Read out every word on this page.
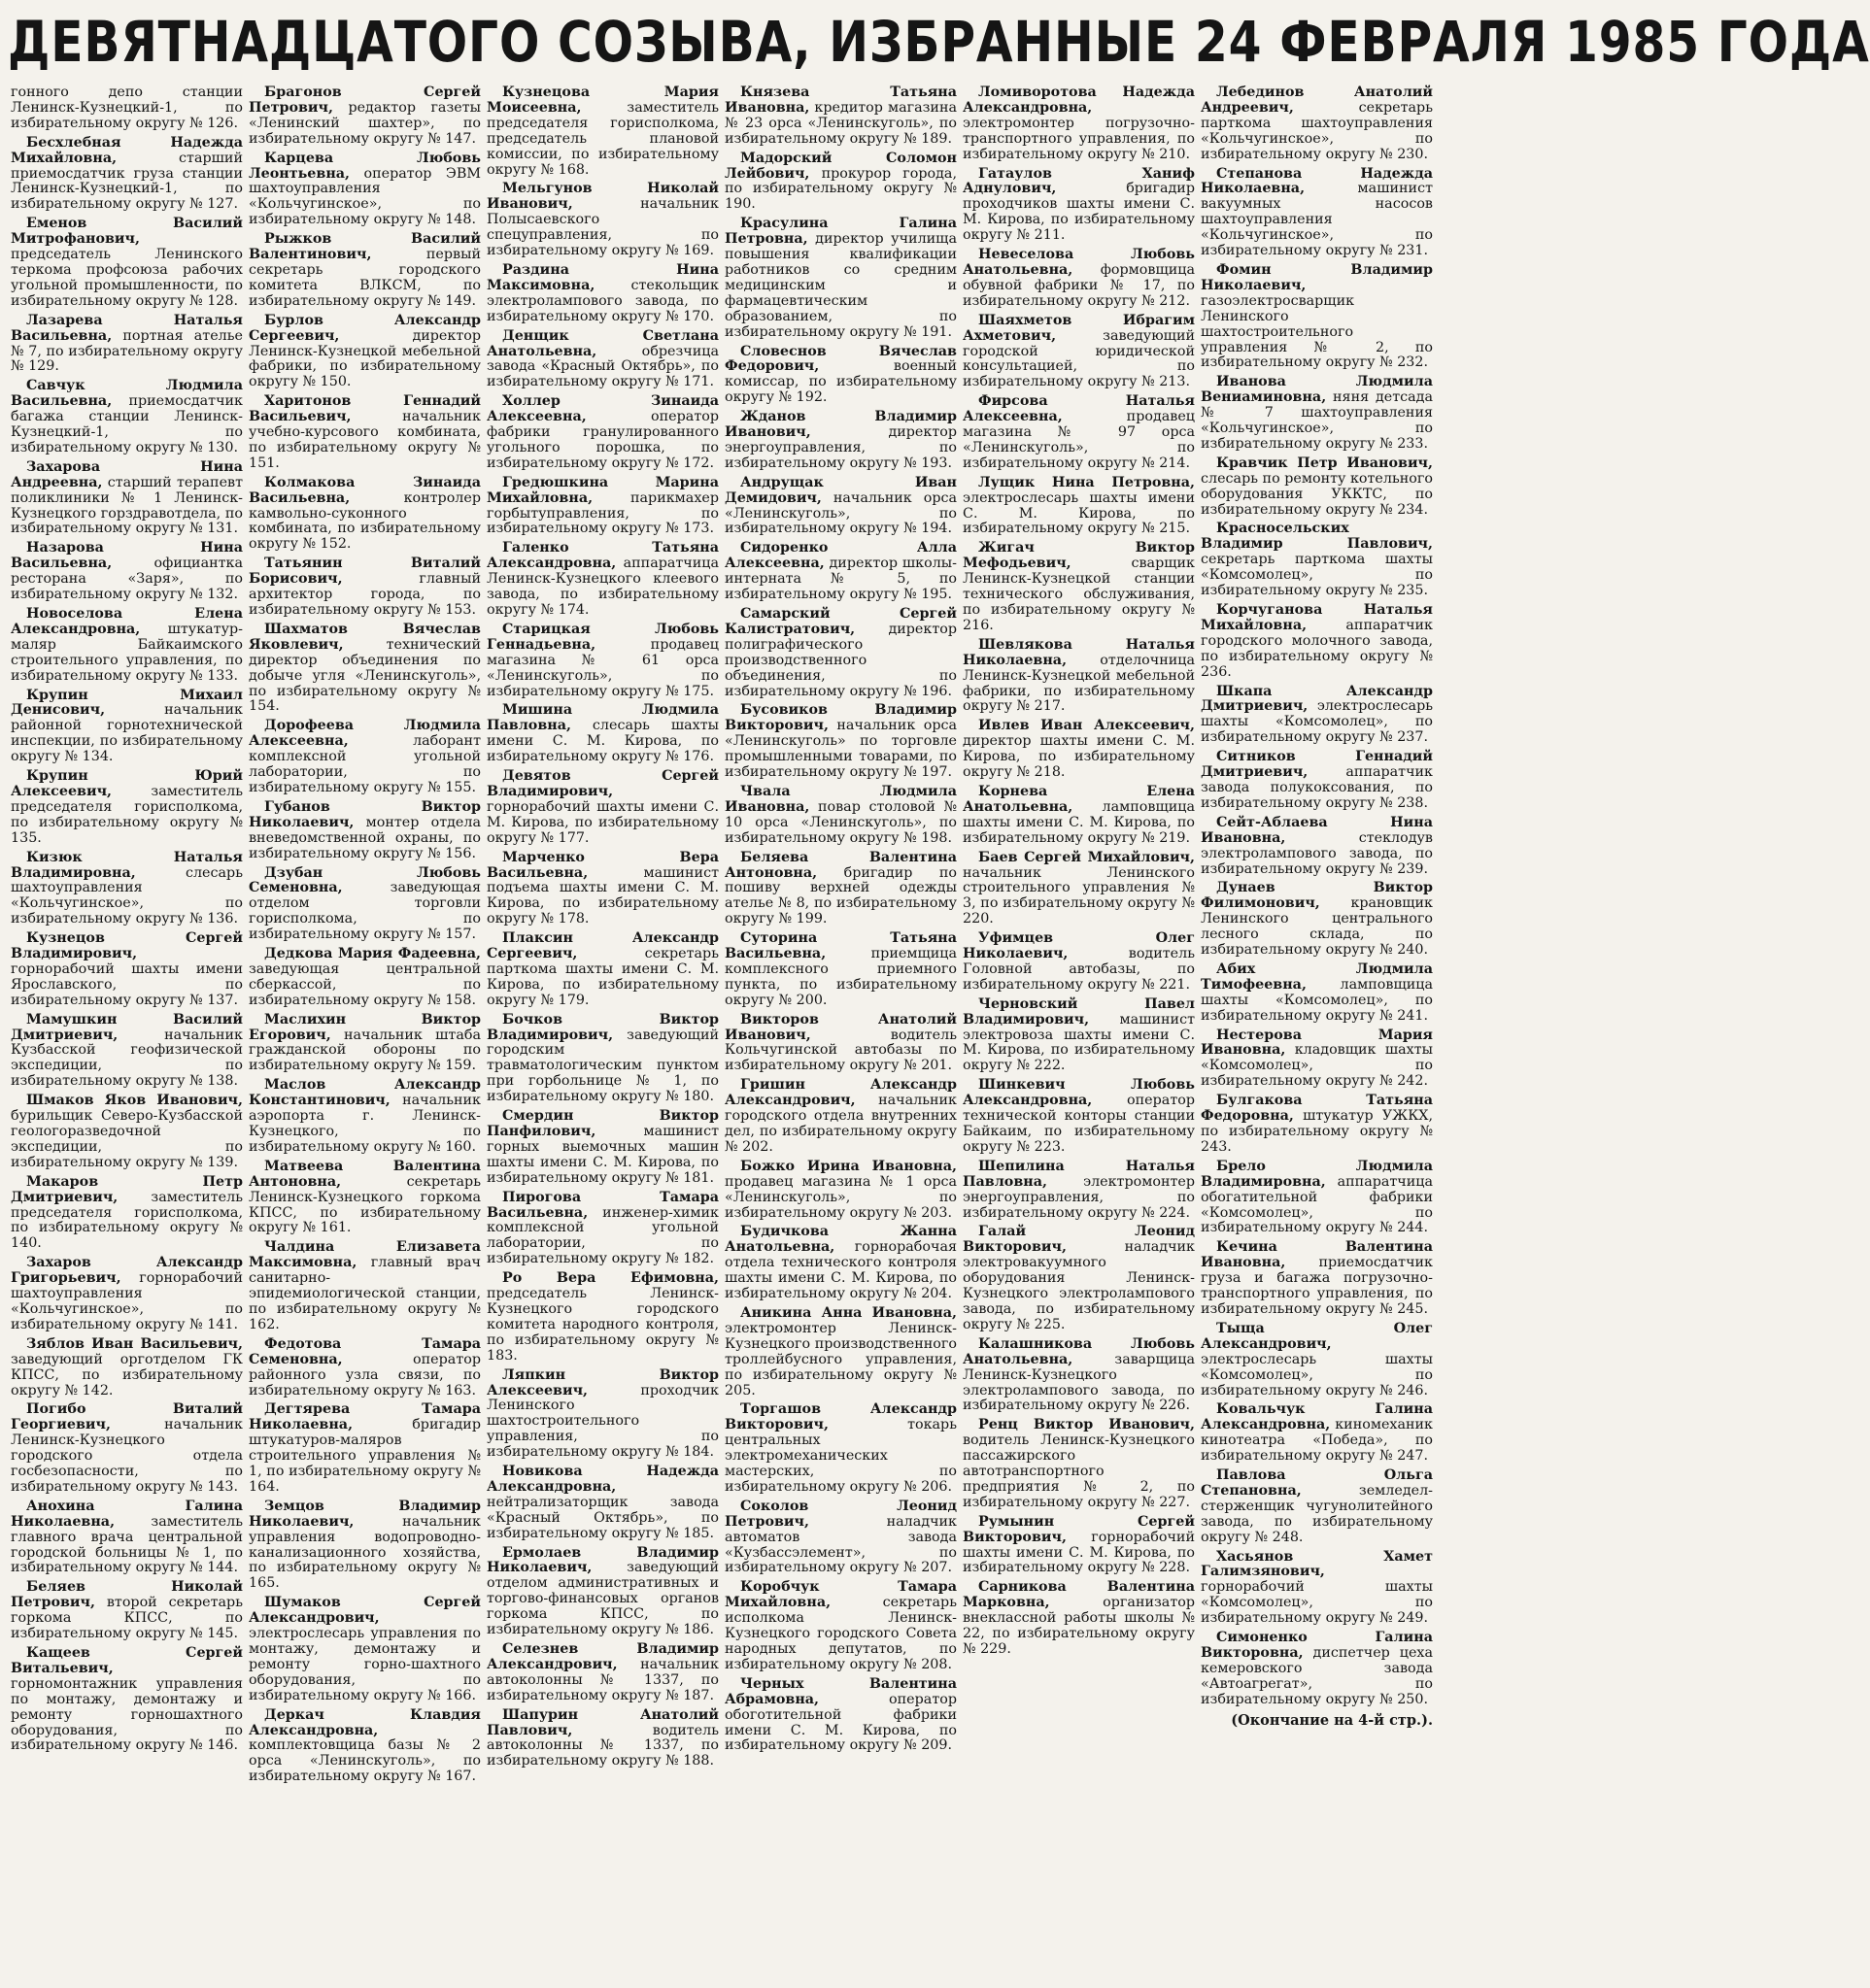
ДЕВЯТНАДЦАТОГО СОЗЫВА, ИЗБРАННЫЕ 24 ФЕВРАЛЯ 1985 ГОДА

гонного депо станции Ленинск-Кузнецкий-1, по избирательному округу № 126.

Бесхлебная Надежда Михайловна,	старший приемосдатчик груза станции Ленинск-Кузнецкий-1, по избирательному округу № 127.

Еменов Василий Митрофанович, председатель Ленинского теркома профсоюза рабочих угольной промышленности, по избирательному округу № 128.

Лазарева Наталья Васильевна, портная ателье № 7, по избирательному округу № 129.

Савчук Людмила Васильевна, приемосдатчик багажа станции Ленинск-Кузнецкий-1, по избирательному округу № 130.

Захарова Нина Андреевна, старший терапевт поликлиники № 1 Ленинск-Кузнецкого горздравотдела, по избирательному округу № 131.

Назарова Нина Васильевна,	официантка ресторана «Заря», по избирательному округу № 132.

Новоселова Елена Александровна, штукатур-маляр Байкаимского строительного управления, по избирательному округу № 133.

Крупин Михаил Денисович,	начальник районной горнотехнической инспекции, по избирательному округу № 134.

Крупин Юрий Алексеевич,	заместитель председателя горисполкома, по избирательному округу № 135.

Кизюк Наталья Владимировна,	слесарь шахтоуправления «Кольчугинское», по избирательному округу № 136.

Кузнецов Сергей Владимирович, горнорабочий шахты имени Ярославского, по избирательному округу № 137.

Мамушкин Василий Дмитриевич,	начальник Кузбасской геофизической экспедиции, по избирательному округу № 138.

Шмаков Яков Иванович, бурильщик Северо-Кузбасской геологоразведочной экспедиции, по избирательному округу № 139.

Макаров Петр Дмитриевич, заместитель председателя горисполкома, по избирательному округу № 140.

Захаров Александр Григорьевич, горнорабочий шахтоуправления «Кольчугинское», по избирательному округу № 141.

Зяблов Иван Васильевич, заведующий орготделом ГК КПСС, по избирательному округу № 142.

Погибо Виталий Георгиевич,	начальник Ленинск-Кузнецкого городского отдела госбезопасности, по избирательному округу № 143.

Анохина Галина Николаевна,	заместитель главного врача центральной городской больницы № 1, по избирательному округу № 144.

Беляев Николай Петрович, второй секретарь горкома КПСС, по избирательному округу № 145.

Кащеев Сергей Витальевич, горномонтажник управления по монтажу, демонтажу и ремонту горношахтного оборудования, по избирательному округу № 146.

Брагонов Сергей Петрович, редактор газеты «Ленинский шахтер», по избирательному округу № 147.

Карцева Любовь Леонтьевна, оператор ЭВМ шахтоуправления «Кольчугинское», по избирательному округу № 148.

Рыжков Василий Валентинович,	первый секретарь городского комитета ВЛКСМ, по избирательному округу № 149.

Бурлов Александр Сергеевич,	директор Ленинск-Кузнецкой мебельной фабрики, по избирательному округу № 150.

Харитонов Геннадий Васильевич,	начальник учебно-курсового комбината, по избирательному округу № 151.

Колмакова Зинаида Васильевна,	контролер камвольно-суконного комбината, по избирательному округу № 152.

Татьянин Виталий Борисович,	главный архитектор города, по избирательному округу № 153.

Шахматов Вячеслав Яковлевич,	технический директор объединения по добыче угля «Ленинскуголь», по избирательному округу № 154.

Дорофеева Людмила Алексеевна,	лаборант комплексной угольной лаборатории, по избирательному округу № 155.

Губанов Виктор Николаевич, монтер отдела вневедомственной охраны, по избирательному округу № 156.

Дзубан Любовь Семеновна,	заведующая отделом торговли горисполкома, по избирательному округу № 157.

Дедкова Мария Фадеевна, заведующая центральной сберкассой, по избирательному округу № 158.

Маслихин Виктор Егорович, начальник штаба гражданской обороны по избирательному округу № 159.

Маслов Александр Константинович, начальник аэропорта г. Ленинск-Кузнецкого, по избирательному округу № 160.

Матвеева Валентина Антоновна,	секретарь Ленинск-Кузнецкого горкома КПСС, по избирательному округу № 161.

Чалдина Елизавета Максимовна, главный врач санитарно-эпидемиологической станции, по избирательному округу № 162.

Федотова Тамара Семеновна,	оператор районного узла связи, по избирательному округу № 163.

Дегтярева Тамара Николаевна,	бригадир штукатуров-маляров строительного управления № 1, по избирательному округу № 164.

Земцов Владимир Николаевич,	начальник управления водопроводно-канализационного хозяйства, по избирательному округу № 165.

Шумаков Сергей Александрович, электрослесарь управления по монтажу, демонтажу и ремонту горно-шахтного оборудования, по избирательному округу № 166.

Деркач Клавдия Александровна, комплектовщица базы № 2 орса «Ленинскуголь», по избирательному округу № 167.

Кузнецова Мария Моисеевна,	заместитель председателя горисполкома, председатель плановой комиссии, по избирательному округу № 168.

Мельгунов Николай Иванович,	начальник Полысаевского спецуправления, по избирательному округу № 169.

Раздина Нина Максимовна,	стекольщик электролампового завода, по избирательному округу № 170.

Денщик Светлана Анатольевна,	обрезчица завода «Красный Октябрь», по избирательному округу № 171.

Холлер Зинаида Алексеевна,	оператор фабрики гранулированного угольного порошка, по избирательному округу № 172.

Гредюшкина Марина Михайловна,	парикмахер горбытуправления, по избирательному округу № 173.

Галенко Татьяна Александровна, аппаратчица Ленинск-Кузнецкого клеевого завода, по избирательному округу № 174.

Старицкая Любовь Геннадьевна,	продавец магазина № 61 орса «Ленинскуголь», по избирательному округу № 175.

Мишина Людмила Павловна, слесарь шахты имени С. М. Кирова, по избирательному округу № 176.

Девятов Сергей Владимирович, горнорабочий шахты имени С. М. Кирова, по избирательному округу № 177.

Марченко Вера Васильевна,	машинист подъема шахты имени С. М. Кирова, по избирательному округу № 178.

Плаксин Александр Сергеевич,	секретарь парткома шахты имени С. М. Кирова, по избирательному округу № 179.

Бочков Виктор Владимирович, заведующий городским травматологическим пунктом при горбольнице № 1, по избирательному округу № 180.

Смердин Виктор Панфилович,	машинист горных выемочных машин шахты имени С. М. Кирова, по избирательному округу № 181.

Пирогова Тамара Васильевна, инженер-химик комплексной угольной лаборатории, по избирательному округу № 182.

Ро Вера Ефимовна, председатель Ленинск-Кузнецкого городского комитета народного контроля, по избирательному округу № 183.

Ляпкин Виктор Алексеевич,	проходчик Ленинского шахтостроительного управления, по избирательному округу № 184.

Новикова Надежда Александровна, нейтрализаторщик завода «Красный Октябрь», по избирательному округу № 185.

Ермолаев Владимир Николаевич,	заведующий отделом административных и торгово-финансовых органов горкома КПСС, по избирательному округу № 186.

Селезнев Владимир Александрович, начальник автоколонны № 1337, по избирательному округу № 187.

Шапурин Анатолий Павлович,	водитель автоколонны № 1337, по избирательному округу № 188.

Князева Татьяна Ивановна, кредитор магазина № 23 орса «Ленинскуголь», по избирательному округу № 189.

Мадорский Соломон Лейбович, прокурор города, по избирательному округу № 190.

Красулина Галина Петровна, директор училища повышения квалификации работников со средним медицинским и фармацевтическим образованием, по избирательному округу № 191.

Словеснов Вячеслав Федорович,	военный комиссар, по избирательному округу № 192.

Жданов Владимир Иванович,	директор энергоуправления, по избирательному округу № 193.

Андрущак Иван Демидович, начальник орса «Ленинскуголь», по избирательному округу № 194.

Сидоренко Алла Алексеевна, директор школы-интерната № 5, по избирательному округу № 195.

Самарский Сергей Калистратович, директор полиграфического производственного объединения, по избирательному округу № 196.

Бусовиков Владимир Викторович, начальник орса «Ленинскуголь» по торговле промышленными товарами, по избирательному округу № 197.

Чвала Людмила Ивановна, повар столовой № 10 орса «Ленинскуголь», по избирательному округу № 198.

Беляева Валентина Антоновна, бригадир по пошиву верхней одежды ателье № 8, по избирательному округу № 199.

Суторина Татьяна Васильевна,	приемщица комплексного приемного пункта, по избирательному округу № 200.

Викторов Анатолий Иванович,	водитель Кольчугинской автобазы по избирательному округу № 201.

Гришин Александр Александрович, начальник городского отдела внутренних дел, по избирательному округу № 202.

Божко Ирина Ивановна, продавец магазина № 1 орса «Ленинскуголь», по избирательному округу № 203.

Будичкова Жанна Анатольевна, горнорабочая отдела технического контроля шахты имени С. М. Кирова, по избирательному округу № 204.

Аникина Анна Ивановна, электромонтер Ленинск-Кузнецкого производственного троллейбусного управления, по избирательному округу № 205.

Торгашов Александр Викторович,	токарь центральных электромеханических мастерских, по избирательному округу № 206.

Соколов Леонид Петрович,	наладчик автоматов завода «Кузбассэлемент», по избирательному округу № 207.

Коробчук Тамара Михайловна,	секретарь исполкома Ленинск-Кузнецкого городского Совета народных депутатов, по избирательному округу № 208.

Черных Валентина Абрамовна,	оператор обоготительной фабрики имени С. М. Кирова, по избирательному округу № 209.

Ломиворотова Надежда Александровна, электромонтер погрузочно-транспортного управления, по избирательному округу № 210.

Гатаулов Ханиф Аднулович,	бригадир проходчиков шахты имени С. М. Кирова, по избирательному округу № 211.

Невеселова Любовь Анатольевна, формовщица обувной фабрики № 17, по избирательному округу № 212.

Шаяхметов Ибрагим Ахметович,	заведующий городской юридической консультацией, по избирательному округу № 213.

Фирсова Наталья Алексеевна,	продавец магазина № 97 орса «Ленинскуголь», по избирательному округу № 214.

Лущик Нина Петровна, электрослесарь шахты имени С. М. Кирова, по избирательному округу № 215.

Жигач Виктор Мефодьевич,	сварщик Ленинск-Кузнецкой станции технического обслуживания, по избирательному округу № 216.

Шевлякова Наталья Николаевна, отделочница Ленинск-Кузнецкой мебельной фабрики, по избирательному округу № 217.

Ивлев Иван Алексеевич, директор шахты имени С. М. Кирова, по избирательному округу № 218.

Корнева Елена Анатольевна, ламповщица шахты имени С. М. Кирова, по избирательному округу № 219.

Баев Сергей Михайлович, начальник Ленинского строительного управления № 3, по избирательному округу № 220.

Уфимцев Олег Николаевич,	водитель Головной автобазы, по избирательному округу № 221.

Черновский Павел Владимирович, машинист электровоза шахты имени С. М. Кирова, по избирательному округу № 222.

Шинкевич Любовь Александровна,	оператор технической конторы станции Байкаим, по избирательному округу № 223.

Шепилина Наталья Павловна,	электромонтер энергоуправления, по избирательному округу № 224.

Галай Леонид Викторович,	наладчик электровакуумного оборудования Ленинск-Кузнецкого электролампового завода, по избирательному округу № 225.

Калашникова Любовь Анатольевна,	заварщица Ленинск-Кузнецкого электролампового завода, по избирательному округу № 226.

Ренц Виктор Иванович, водитель Ленинск-Кузнецкого пассажирского автотранспортного предприятия № 2, по избирательному округу № 227.

Румынин Сергей Викторович, горнорабочий шахты имени С. М. Кирова, по избирательному округу № 228.

Сарникова Валентина Марковна,	организатор внеклассной работы школы № 22, по избирательному округу № 229.

Лебединов Анатолий Андреевич,	секретарь парткома шахтоуправления «Кольчугинское», по избирательному округу № 230.

Степанова Надежда Николаевна,	машинист вакуумных насосов шахтоуправления «Кольчугинское», по избирательному округу № 231.

Фомин Владимир Николаевич, газоэлектросварщик Ленинского шахтостроительного управления № 2, по избирательному округу № 232.

Иванова Людмила Вениаминовна, няня детсада № 7 шахтоуправления «Кольчугинское», по избирательному округу № 233.

Кравчик Петр Иванович, слесарь по ремонту котельного оборудования УККТС, по избирательному округу № 234.

Красносельских Владимир Павлович, секретарь парткома шахты «Комсомолец», по избирательному округу № 235.

Корчуганова Наталья Михайловна,	аппаратчик городского молочного завода, по избирательному округу № 236.

Шкапа Александр Дмитриевич, электрослесарь шахты «Комсомолец», по избирательному округу № 237.

Ситников Геннадий Дмитриевич,	аппаратчик завода полукоксования, по избирательному округу № 238.

Сейт-Аблаева Нина Ивановна,	стеклодув электролампового завода, по избирательному округу № 239.

Дунаев Виктор Филимонович, крановщик Ленинского центрального лесного склада, по избирательному округу № 240.

Абих Людмила Тимофеевна, ламповщица шахты «Комсомолец», по избирательному округу № 241.

Нестерова Мария Ивановна, кладовщик шахты «Комсомолец», по избирательному округу № 242.

Булгакова Татьяна Федоровна, штукатур УЖКХ, по избирательному округу № 243.

Брело Людмила Владимировна, аппаратчица обогатительной фабрики «Комсомолец», по избирательному округу № 244.

Кечина Валентина Ивановна, приемосдатчик груза и багажа погрузочно-транспортного управления, по избирательному округу № 245.

Тыща Олег Александрович, электрослесарь шахты «Комсомолец», по избирательному округу № 246.

Ковальчук Галина Александровна, киномеханик кинотеатра «Победа», по избирательному округу № 247.

Павлова Ольга Степановна,	земледел-стерженщик чугунолитейного завода, по избирательному округу № 248.

Хасьянов Хамет Галимзянович, горнорабочий шахты «Комсомолец», по избирательному округу № 249.

Симоненко Галина Викторовна, диспетчер цеха кемеровского завода «Автоагрегат», по избирательному округу № 250.

(Окончание на 4-й стр.).
